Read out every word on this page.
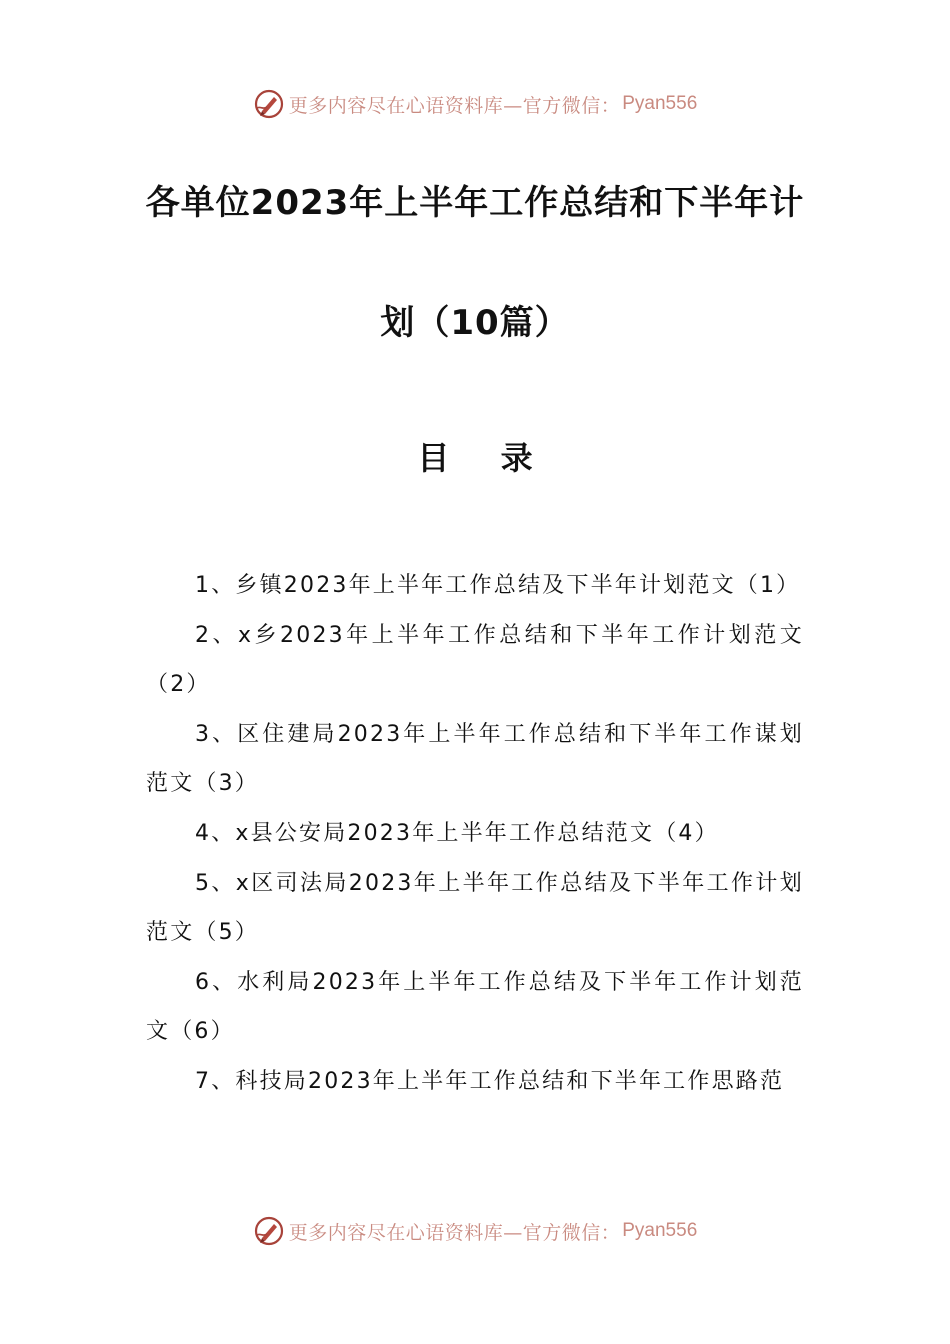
更多内容尽在心语资料库—官方微信： Pyan556
各单位2023年上半年工作总结和下半年计
划（10篇）
目 录
1、乡镇2023年上半年工作总结及下半年计划范文（1）
2、x乡2023年上半年工作总结和下半年工作计划范文（2）
3、区住建局2023年上半年工作总结和下半年工作谋划范文（3）
4、x县公安局2023年上半年工作总结范文（4）
5、x区司法局2023年上半年工作总结及下半年工作计划范文（5）
6、水利局2023年上半年工作总结及下半年工作计划范文（6）
7、科技局2023年上半年工作总结和下半年工作思路范
更多内容尽在心语资料库—官方微信： Pyan556
